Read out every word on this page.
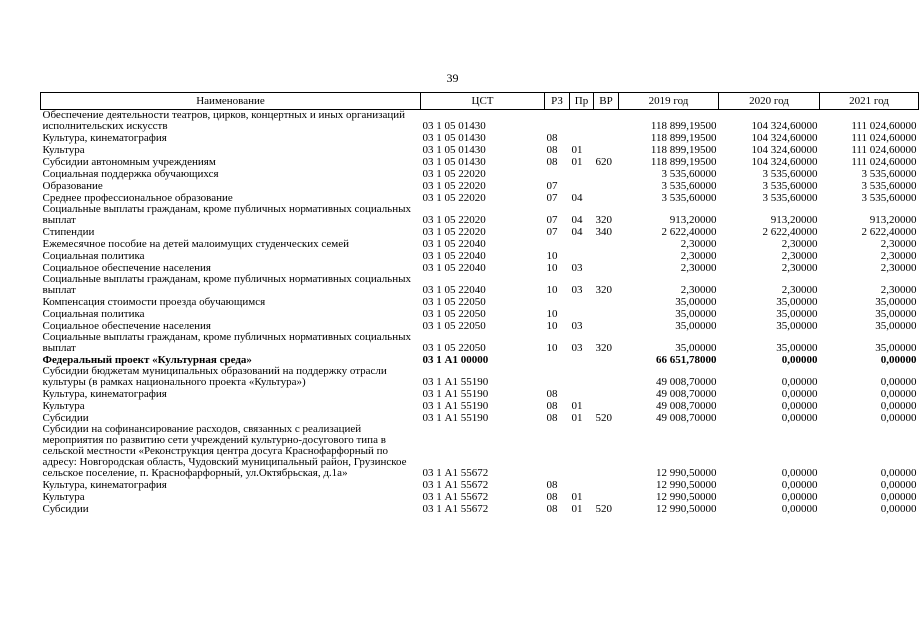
39
Наименование	ЦСТ	РЗ	Пр	ВР	2019 год	2020 год	2021 год
Обеспечение деятельности театров, цирков, концертных и иных организаций исполнительских искусств	03 1 05 01430				118 899,19500	104 324,60000	111 024,60000
Культура, кинематография	03 1 05 01430	08			118 899,19500	104 324,60000	111 024,60000
Культура	03 1 05 01430	08	01		118 899,19500	104 324,60000	111 024,60000
Субсидии автономным учреждениям	03 1 05 01430	08	01	620	118 899,19500	104 324,60000	111 024,60000
Социальная поддержка обучающихся	03 1 05 22020				3 535,60000	3 535,60000	3 535,60000
Образование	03 1 05 22020	07			3 535,60000	3 535,60000	3 535,60000
Среднее профессиональное образование	03 1 05 22020	07	04		3 535,60000	3 535,60000	3 535,60000
Социальные выплаты гражданам, кроме публичных нормативных социальных выплат	03 1 05 22020	07	04	320	913,20000	913,20000	913,20000
Стипендии	03 1 05 22020	07	04	340	2 622,40000	2 622,40000	2 622,40000
Ежемесячное пособие на детей малоимущих студенческих семей	03 1 05 22040				2,30000	2,30000	2,30000
Социальная политика	03 1 05 22040	10			2,30000	2,30000	2,30000
Социальное обеспечение населения	03 1 05 22040	10	03		2,30000	2,30000	2,30000
Социальные выплаты гражданам, кроме публичных нормативных социальных выплат	03 1 05 22040	10	03	320	2,30000	2,30000	2,30000
Компенсация стоимости проезда обучающимся	03 1 05 22050				35,00000	35,00000	35,00000
Социальная политика	03 1 05 22050	10			35,00000	35,00000	35,00000
Социальное обеспечение населения	03 1 05 22050	10	03		35,00000	35,00000	35,00000
Социальные выплаты гражданам, кроме публичных нормативных социальных выплат	03 1 05 22050	10	03	320	35,00000	35,00000	35,00000
Федеральный проект «Культурная среда»	03 1 А1 00000				66 651,78000	0,00000	0,00000
Субсидии бюджетам муниципальных образований на поддержку отрасли культуры (в рамках национального проекта «Культура»)	03 1 А1 55190				49 008,70000	0,00000	0,00000
Культура, кинематография	03 1 А1 55190	08			49 008,70000	0,00000	0,00000
Культура	03 1 А1 55190	08	01		49 008,70000	0,00000	0,00000
Субсидии	03 1 А1 55190	08	01	520	49 008,70000	0,00000	0,00000
Субсидии на софинансирование расходов, связанных с реализацией мероприятия по развитию сети учреждений культурно-досугового типа в сельской местности «Реконструкция центра досуга Краснофарфорный по адресу: Новгородская область, Чудовский муниципальный район, Грузинское сельское поселение, п. Краснофарфорный, ул.Октябрьская, д.1а»	03 1 А1 55672				12 990,50000	0,00000	0,00000
Культура, кинематография	03 1 А1 55672	08			12 990,50000	0,00000	0,00000
Культура	03 1 А1 55672	08	01		12 990,50000	0,00000	0,00000
Субсидии	03 1 А1 55672	08	01	520	12 990,50000	0,00000	0,00000
